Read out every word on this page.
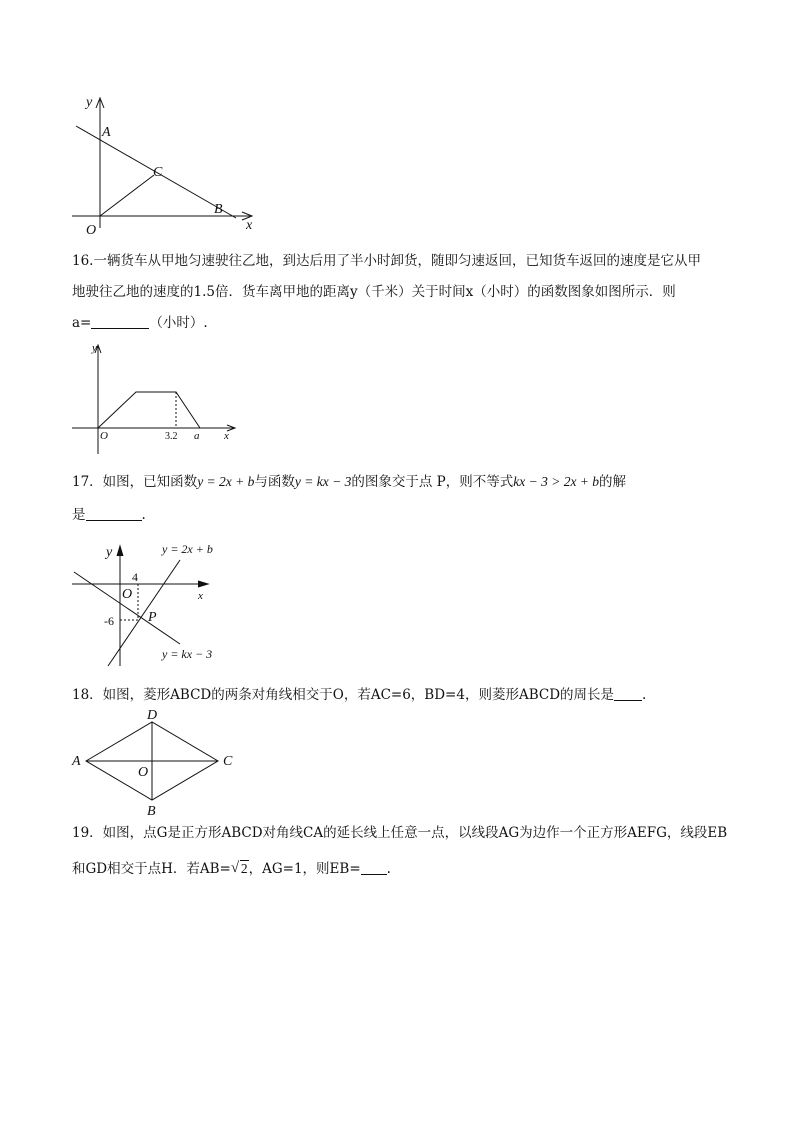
y
x
A
C
B
O
16.一辆货车从甲地匀速驶往乙地，到达后用了半小时卸货，随即匀速返回，已知货车返回的速度是它从甲
地驶往乙地的速度的1.5倍．货车离甲地的距离y（千米）关于时间x（小时）的函数图象如图所示．则
a=	（小时）.
y
x
O	3.2 a
17．如图，已知函数y = 2x + b与函数y = kx − 3的图象交于点 P，则不等式kx − 3 > 2x + b的解
是	.
y
x
O
4
-6 P
y = 2x + b
y = kx − 3
18．如图，菱形ABCD的两条对角线相交于O，若AC=6，BD=4，则菱形ABCD的周长是 .
A
D
C
B
O
19．如图，点G是正方形ABCD对角线CA的延长线上任意一点，以线段AG为边作一个正方形AEFG，线段EB
和GD相交于点H．若AB= √ 2，AG=1，则EB= .
